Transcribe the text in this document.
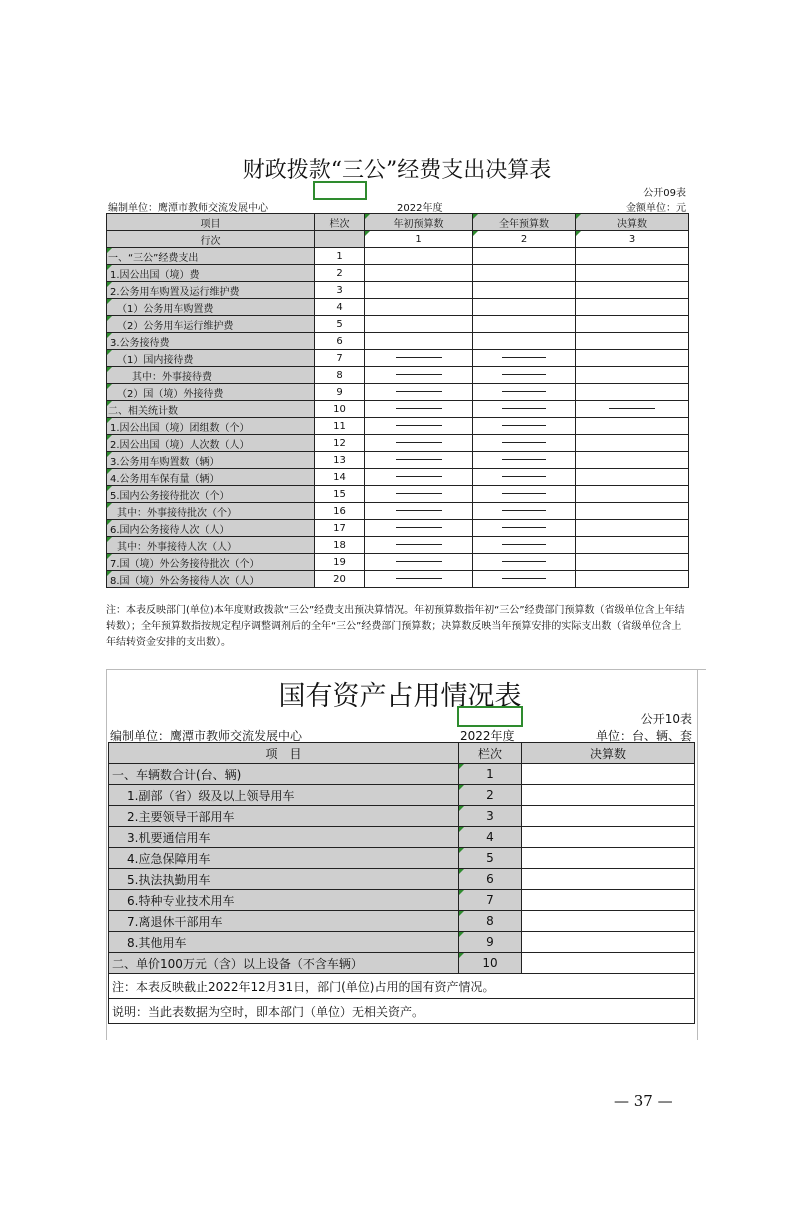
财政拨款“三公”经费支出决算表
公开09表
编制单位：鹰潭市教师交流发展中心	2022年度	金额单位：元
项目	栏次	年初预算数	全年预算数	决算数
行次		1	2	3
一、“三公”经费支出	1			
1.因公出国（境）费	2			
2.公务用车购置及运行维护费	3			
（1）公务用车购置费	4			
（2）公务用车运行维护费	5			
3.公务接待费	6			
（1）国内接待费	7			
其中：外事接待费	8			
（2）国（境）外接待费	9			
二、相关统计数	10			
1.因公出国（境）团组数（个）	11			
2.因公出国（境）人次数（人）	12			
3.公务用车购置数（辆）	13			
4.公务用车保有量（辆）	14			
5.国内公务接待批次（个）	15			
其中：外事接待批次（个）	16			
6.国内公务接待人次（人）	17			
其中：外事接待人次（人）	18			
7.国（境）外公务接待批次（个）	19			
8.国（境）外公务接待人次（人）	20			
注：本表反映部门(单位)本年度财政拨款“三公”经费支出预决算情况。年初预算数指年初“三公”经费部门预算数（省级单位含上年结转数）；全年预算数指按规定程序调整调剂后的全年“三公”经费部门预算数；决算数反映当年预算安排的实际支出数（省级单位含上年结转资金安排的支出数）。
国有资产占用情况表
公开10表
编制单位：鹰潭市教师交流发展中心	2022年度	单位：台、辆、套
项　目	栏次	决算数
一、车辆数合计(台、辆)	1	
1.副部（省）级及以上领导用车	2	
2.主要领导干部用车	3	
3.机要通信用车	4	
4.应急保障用车	5	
5.执法执勤用车	6	
6.特种专业技术用车	7	
7.离退休干部用车	8	
8.其他用车	9	
二、单价100万元（含）以上设备（不含车辆）	10	
注：本表反映截止2022年12月31日，部门(单位)占用的国有资产情况。		
说明：当此表数据为空时，即本部门（单位）无相关资产。		
— 37 —
